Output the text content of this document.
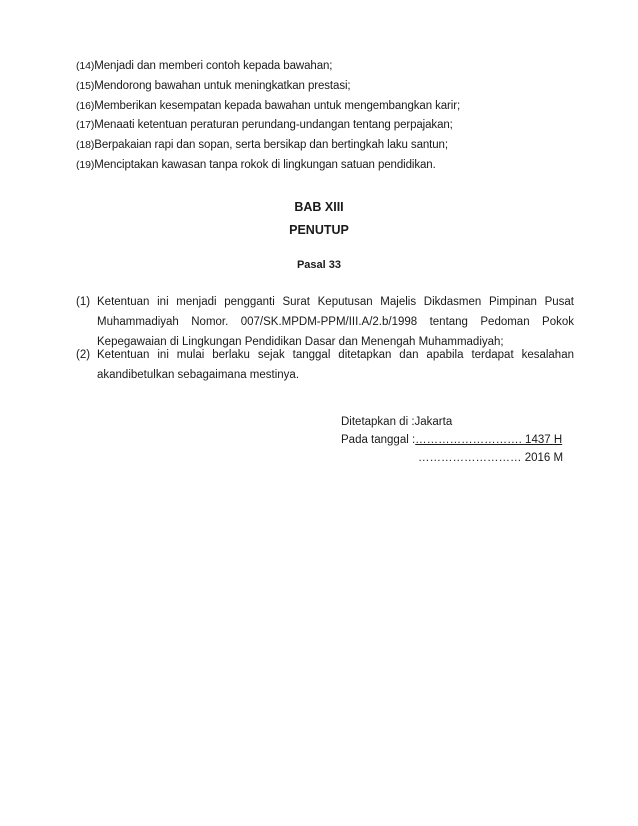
(14)Menjadi dan memberi contoh kepada bawahan;
(15)Mendorong bawahan untuk meningkatkan prestasi;
(16)Memberikan kesempatan kepada bawahan untuk mengembangkan karir;
(17)Menaati ketentuan peraturan perundang-undangan tentang perpajakan;
(18)Berpakaian rapi dan sopan, serta bersikap dan bertingkah laku santun;
(19)Menciptakan kawasan tanpa rokok di lingkungan satuan pendidikan.
BAB XIII
PENUTUP
Pasal 33
(1) Ketentuan ini menjadi pengganti Surat Keputusan Majelis Dikdasmen Pimpinan Pusat Muhammadiyah Nomor. 007/SK.MPDM-PPM/III.A/2.b/1998 tentang Pedoman Pokok Kepegawaian di Lingkungan Pendidikan Dasar dan Menengah Muhammadiyah;
(2) Ketentuan ini mulai berlaku sejak tanggal ditetapkan dan apabila terdapat kesalahan akandibetulkan sebagaimana mestinya.
Ditetapkan di :Jakarta
Pada tanggal :………………………. 1437 H
……………………… 2016 M
